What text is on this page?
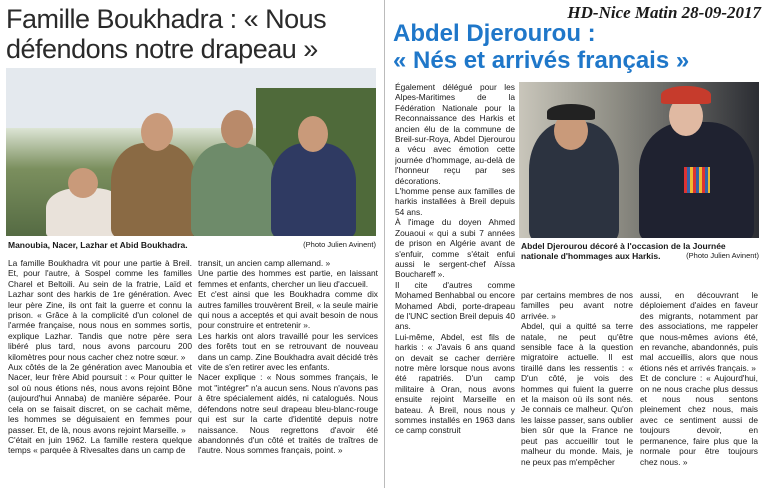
Famille Boukhadra : « Nous
défendons notre drapeau »
Manoubia, Nacer, Lazhar et Abid Boukhadra.	(Photo Julien Avinent)

La famille Boukhadra vit pour une partie à Breil. Et, pour l'autre, à Sospel comme les familles Charel et Beltoili. Au sein de la fratrie, Laïd et Lazhar sont des harkis de 1re génération. Avec leur père Zine, ils ont fait la guerre et connu la prison. « Grâce à la complicité d'un colonel de l'armée française, nous nous en sommes sortis, explique Lazhar. Tandis que notre père sera libéré plus tard, nous avons parcouru 200 kilomètres pour nous cacher chez notre sœur. »

Aux côtés de la 2e génération avec Manoubia et Nacer, leur frère Abid poursuit : « Pour quitter le sol où nous étions nés, nous avons rejoint Bône (aujourd'hui Annaba) de manière séparée. Pour cela on se faisait discret, on se cachait même, les hommes se déguisaient en femmes pour passer. Et, de là, nous avons rejoint Marseille. »

C'était en juin 1962. La famille restera quelque temps « parquée à Rivesaltes dans un camp de

transit, un ancien camp allemand. »

Une partie des hommes est partie, en laissant femmes et enfants, chercher un lieu d'accueil.

Et c'est ainsi que les Boukhadra comme dix autres familles trouvèrent Breil, « la seule mairie qui nous a acceptés et qui avait besoin de nous pour construire et entretenir ».

Les harkis ont alors travaillé pour les services des forêts tout en se retrouvant de nouveau dans un camp. Zine Boukhadra avait décidé très vite de s'en retirer avec les enfants.

Nacer explique : « Nous sommes français, le mot "intégrer" n'a aucun sens. Nous n'avons pas à être spécialement aidés, ni catalogués. Nous défendons notre seul drapeau bleu-blanc-rouge qui est sur la carte d'identité depuis notre naissance. Nous regrettons d'avoir été abandonnés d'un côté et traités de traîtres de l'autre. Nous sommes français, point. »

HD-Nice Matin 28-09-2017
Abdel Djerourou :
« Nés et arrivés français »

Également délégué pour les Alpes-Maritimes de la Fédération Nationale pour la Reconnaissance des Harkis et ancien élu de la commune de Breil-sur-Roya, Abdel Djerourou a vécu avec émotion cette journée d'hommage, au-delà de l'honneur reçu par ses décorations.

L'homme pense aux familles de harkis installées à Breil depuis 54 ans.

À l'image du doyen Ahmed Zouaoui « qui a subi 7 années de prison en Algérie avant de s'enfuir, comme s'était enfui aussi le sergent-chef Aïssa Bouchareff ».

Il cite d'autres comme Mohamed Benhabbal ou encore Mohamed Abdi, porte-drapeau de l'UNC section Breil depuis 40 ans.

Lui-même, Abdel, est fils de harkis : « J'avais 6 ans quand on devait se cacher derrière notre mère lorsque nous avons été rapatriés. D'un camp militaire à Oran, nous avons ensuite rejoint Marseille en bateau. À Breil, nous nous y sommes installés en 1963 dans ce camp construit

Abdel Djerourou décoré à l'occasion de la Journée nationale d'hommages aux Harkis.	(Photo Julien Avinent)

par certains membres de nos familles peu avant notre arrivée. »

Abdel, qui a quitté sa terre natale, ne peut qu'être sensible face à la question migratoire actuelle. Il est tiraillé dans les ressentis : « D'un côté, je vois des hommes qui fuient la guerre et la maison où ils sont nés. Je connais ce malheur. Qu'on les laisse passer, sans oublier bien sûr que la France ne peut pas accueillir tout le malheur du monde. Mais, je ne peux pas m'empêcher

aussi, en découvrant le déploiement d'aides en faveur des migrants, notamment par des associations, me rappeler que nous-mêmes avions été, en revanche, abandonnés, puis mal accueillis, alors que nous étions nés et arrivés français. »

Et de conclure : « Aujourd'hui, on ne nous crache plus dessus et nous nous sentons pleinement chez nous, mais avec ce sentiment aussi de toujours devoir, en permanence, faire plus que la normale pour être toujours chez nous. »
